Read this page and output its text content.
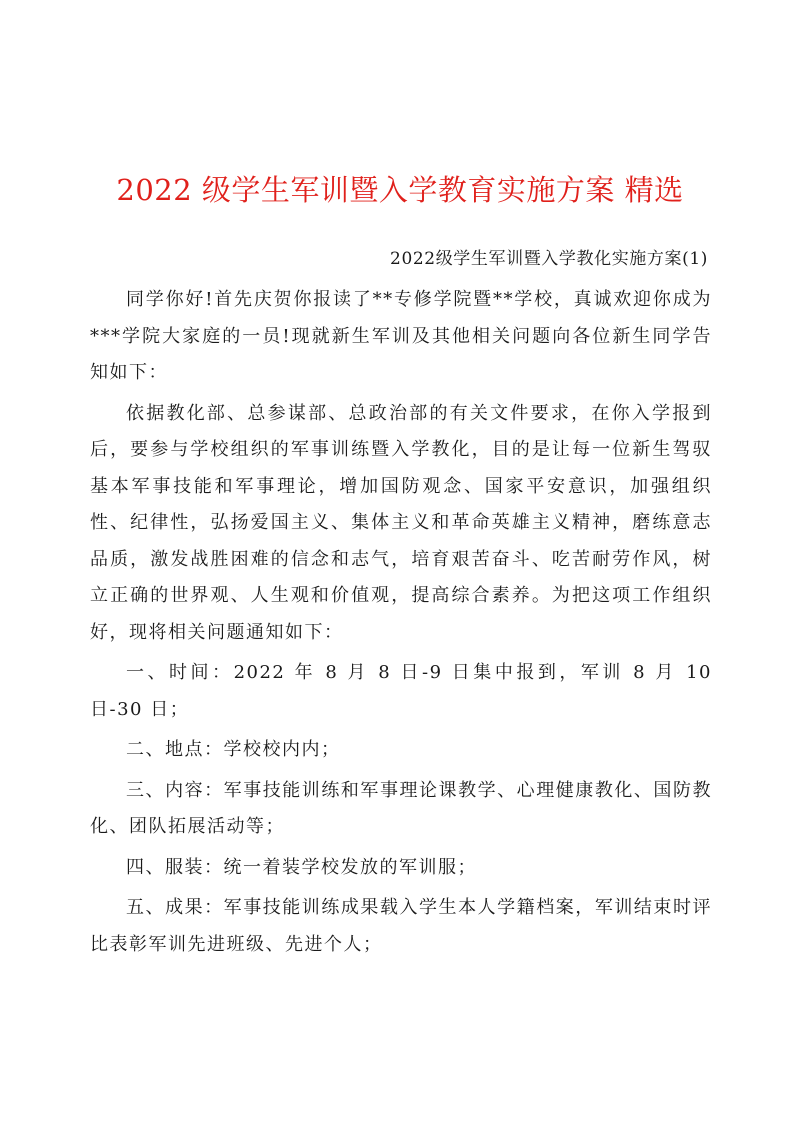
2022 级学生军训暨入学教育实施方案 精选
2022级学生军训暨入学教化实施方案(1)

同学你好!首先庆贺你报读了**专修学院暨**学校，真诚欢迎你成为***学院大家庭的一员!现就新生军训及其他相关问题向各位新生同学告知如下：

依据教化部、总参谋部、总政治部的有关文件要求，在你入学报到后，要参与学校组织的军事训练暨入学教化，目的是让每一位新生驾驭基本军事技能和军事理论，增加国防观念、国家平安意识，加强组织性、纪律性，弘扬爱国主义、集体主义和革命英雄主义精神，磨练意志品质，激发战胜困难的信念和志气，培育艰苦奋斗、吃苦耐劳作风，树立正确的世界观、人生观和价值观，提高综合素养。为把这项工作组织好，现将相关问题通知如下：

一、时间：2022 年 8 月 8 日-9 日集中报到，军训 8 月 10 日-30 日；

二、地点：学校校内内；

三、内容：军事技能训练和军事理论课教学、心理健康教化、国防教化、团队拓展活动等；

四、服装：统一着装学校发放的军训服；

五、成果：军事技能训练成果载入学生本人学籍档案，军训结束时评比表彰军训先进班级、先进个人；
